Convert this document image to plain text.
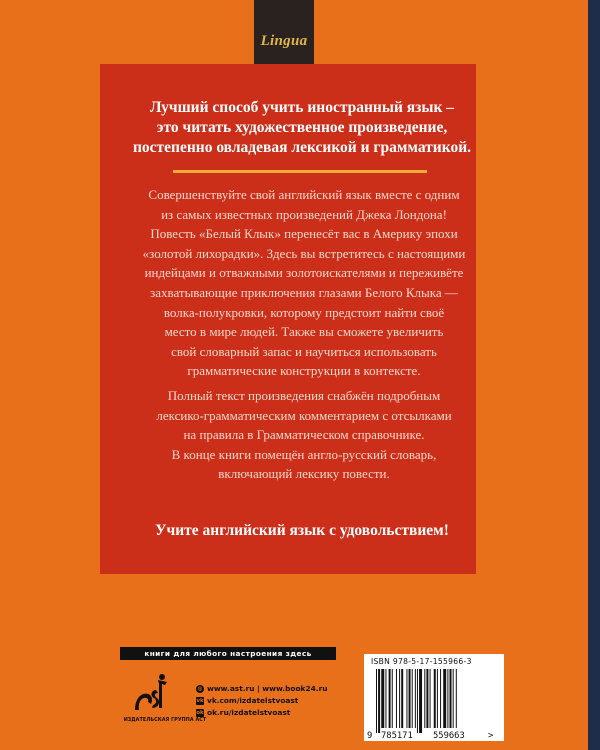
Lingua

Лучший способ учить иностранный язык –
это читать художественное произведение,
постепенно овладевая лексикой и грамматикой.

Совершенствуйте свой английский язык вместе с одним
из самых известных произведений Джека Лондона!
Повесть «Белый Клык» перенесёт вас в Америку эпохи
«золотой лихорадки». Здесь вы встретитесь с настоящими
индейцами и отважными золотоискателями и переживёте
захватывающие приключения глазами Белого Клыка —
волка-полукровки, которому предстоит найти своё
место в мире людей. Также вы сможете увеличить
свой словарный запас и научиться использовать
грамматические конструкции в контексте.

Полный текст произведения снабжён подробным
лексико-грамматическим комментарием с отсылками
на правила в Грамматическом справочнике.
В конце книги помещён англо-русский словарь,
включающий лексику повести.

Учите английский язык с удовольствием!

книги для любого настроения здесь
ИЗДАТЕЛЬСКАЯ ГРУППА АСТ
◍ www.ast.ru | www.book24.ru
vk vk.com/izdatelstvoast
ok ok.ru/izdatelstvoast
ISBN 978-5-17-155966-3
9 785171 559663	>
